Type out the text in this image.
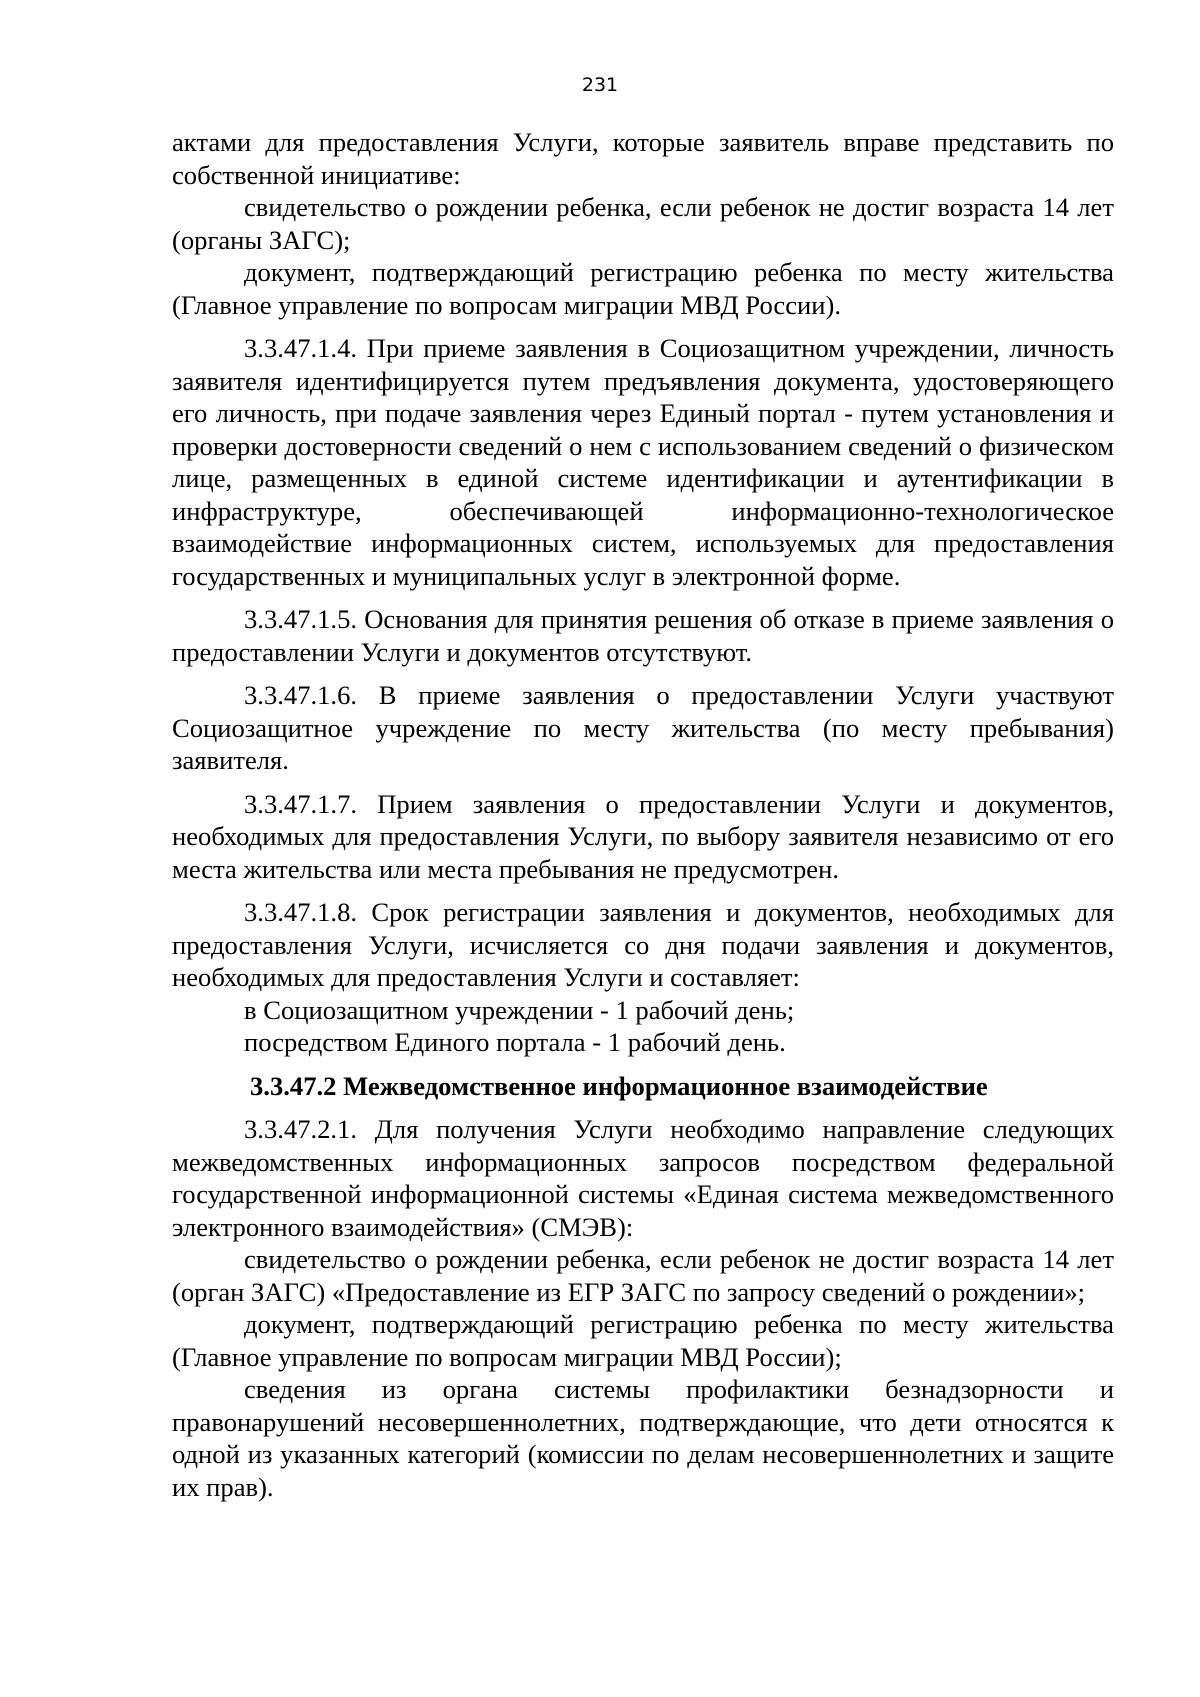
231

актами для предоставления Услуги, которые заявитель вправе представить по собственной инициативе:

свидетельство о рождении ребенка, если ребенок не достиг возраста 14 лет (органы ЗАГС);

документ, подтверждающий регистрацию ребенка по месту жительства (Главное управление по вопросам миграции МВД России).

3.3.47.1.4. При приеме заявления в Социозащитном учреждении, личность заявителя идентифицируется путем предъявления документа, удостоверяющего его личность, при подаче заявления через Единый портал - путем установления и проверки достоверности сведений о нем с использованием сведений о физическом лице, размещенных в единой системе идентификации и аутентификации в инфраструктуре, обеспечивающей информационно-технологическое взаимодействие информационных систем, используемых для предоставления государственных и муниципальных услуг в электронной форме.

3.3.47.1.5. Основания для принятия решения об отказе в приеме заявления о предоставлении Услуги и документов отсутствуют.

3.3.47.1.6. В приеме заявления о предоставлении Услуги участвуют Социозащитное учреждение по месту жительства (по месту пребывания) заявителя.

3.3.47.1.7. Прием заявления о предоставлении Услуги и документов, необходимых для предоставления Услуги, по выбору заявителя независимо от его места жительства или места пребывания не предусмотрен.

3.3.47.1.8. Срок регистрации заявления и документов, необходимых для предоставления Услуги, исчисляется со дня подачи заявления и документов, необходимых для предоставления Услуги и составляет:

в Социозащитном учреждении - 1 рабочий день;

посредством Единого портала - 1 рабочий день.

3.3.47.2 Межведомственное информационное взаимодействие

3.3.47.2.1. Для получения Услуги необходимо направление следующих межведомственных информационных запросов посредством федеральной государственной информационной системы «Единая система межведомственного электронного взаимодействия» (СМЭВ):

свидетельство о рождении ребенка, если ребенок не достиг возраста 14 лет (орган ЗАГС) «Предоставление из ЕГР ЗАГС по запросу сведений о рождении»;

документ, подтверждающий регистрацию ребенка по месту жительства (Главное управление по вопросам миграции МВД России);

сведения из органа системы профилактики безнадзорности и правонарушений несовершеннолетних, подтверждающие, что дети относятся к одной из указанных категорий (комиссии по делам несовершеннолетних и защите их прав).
